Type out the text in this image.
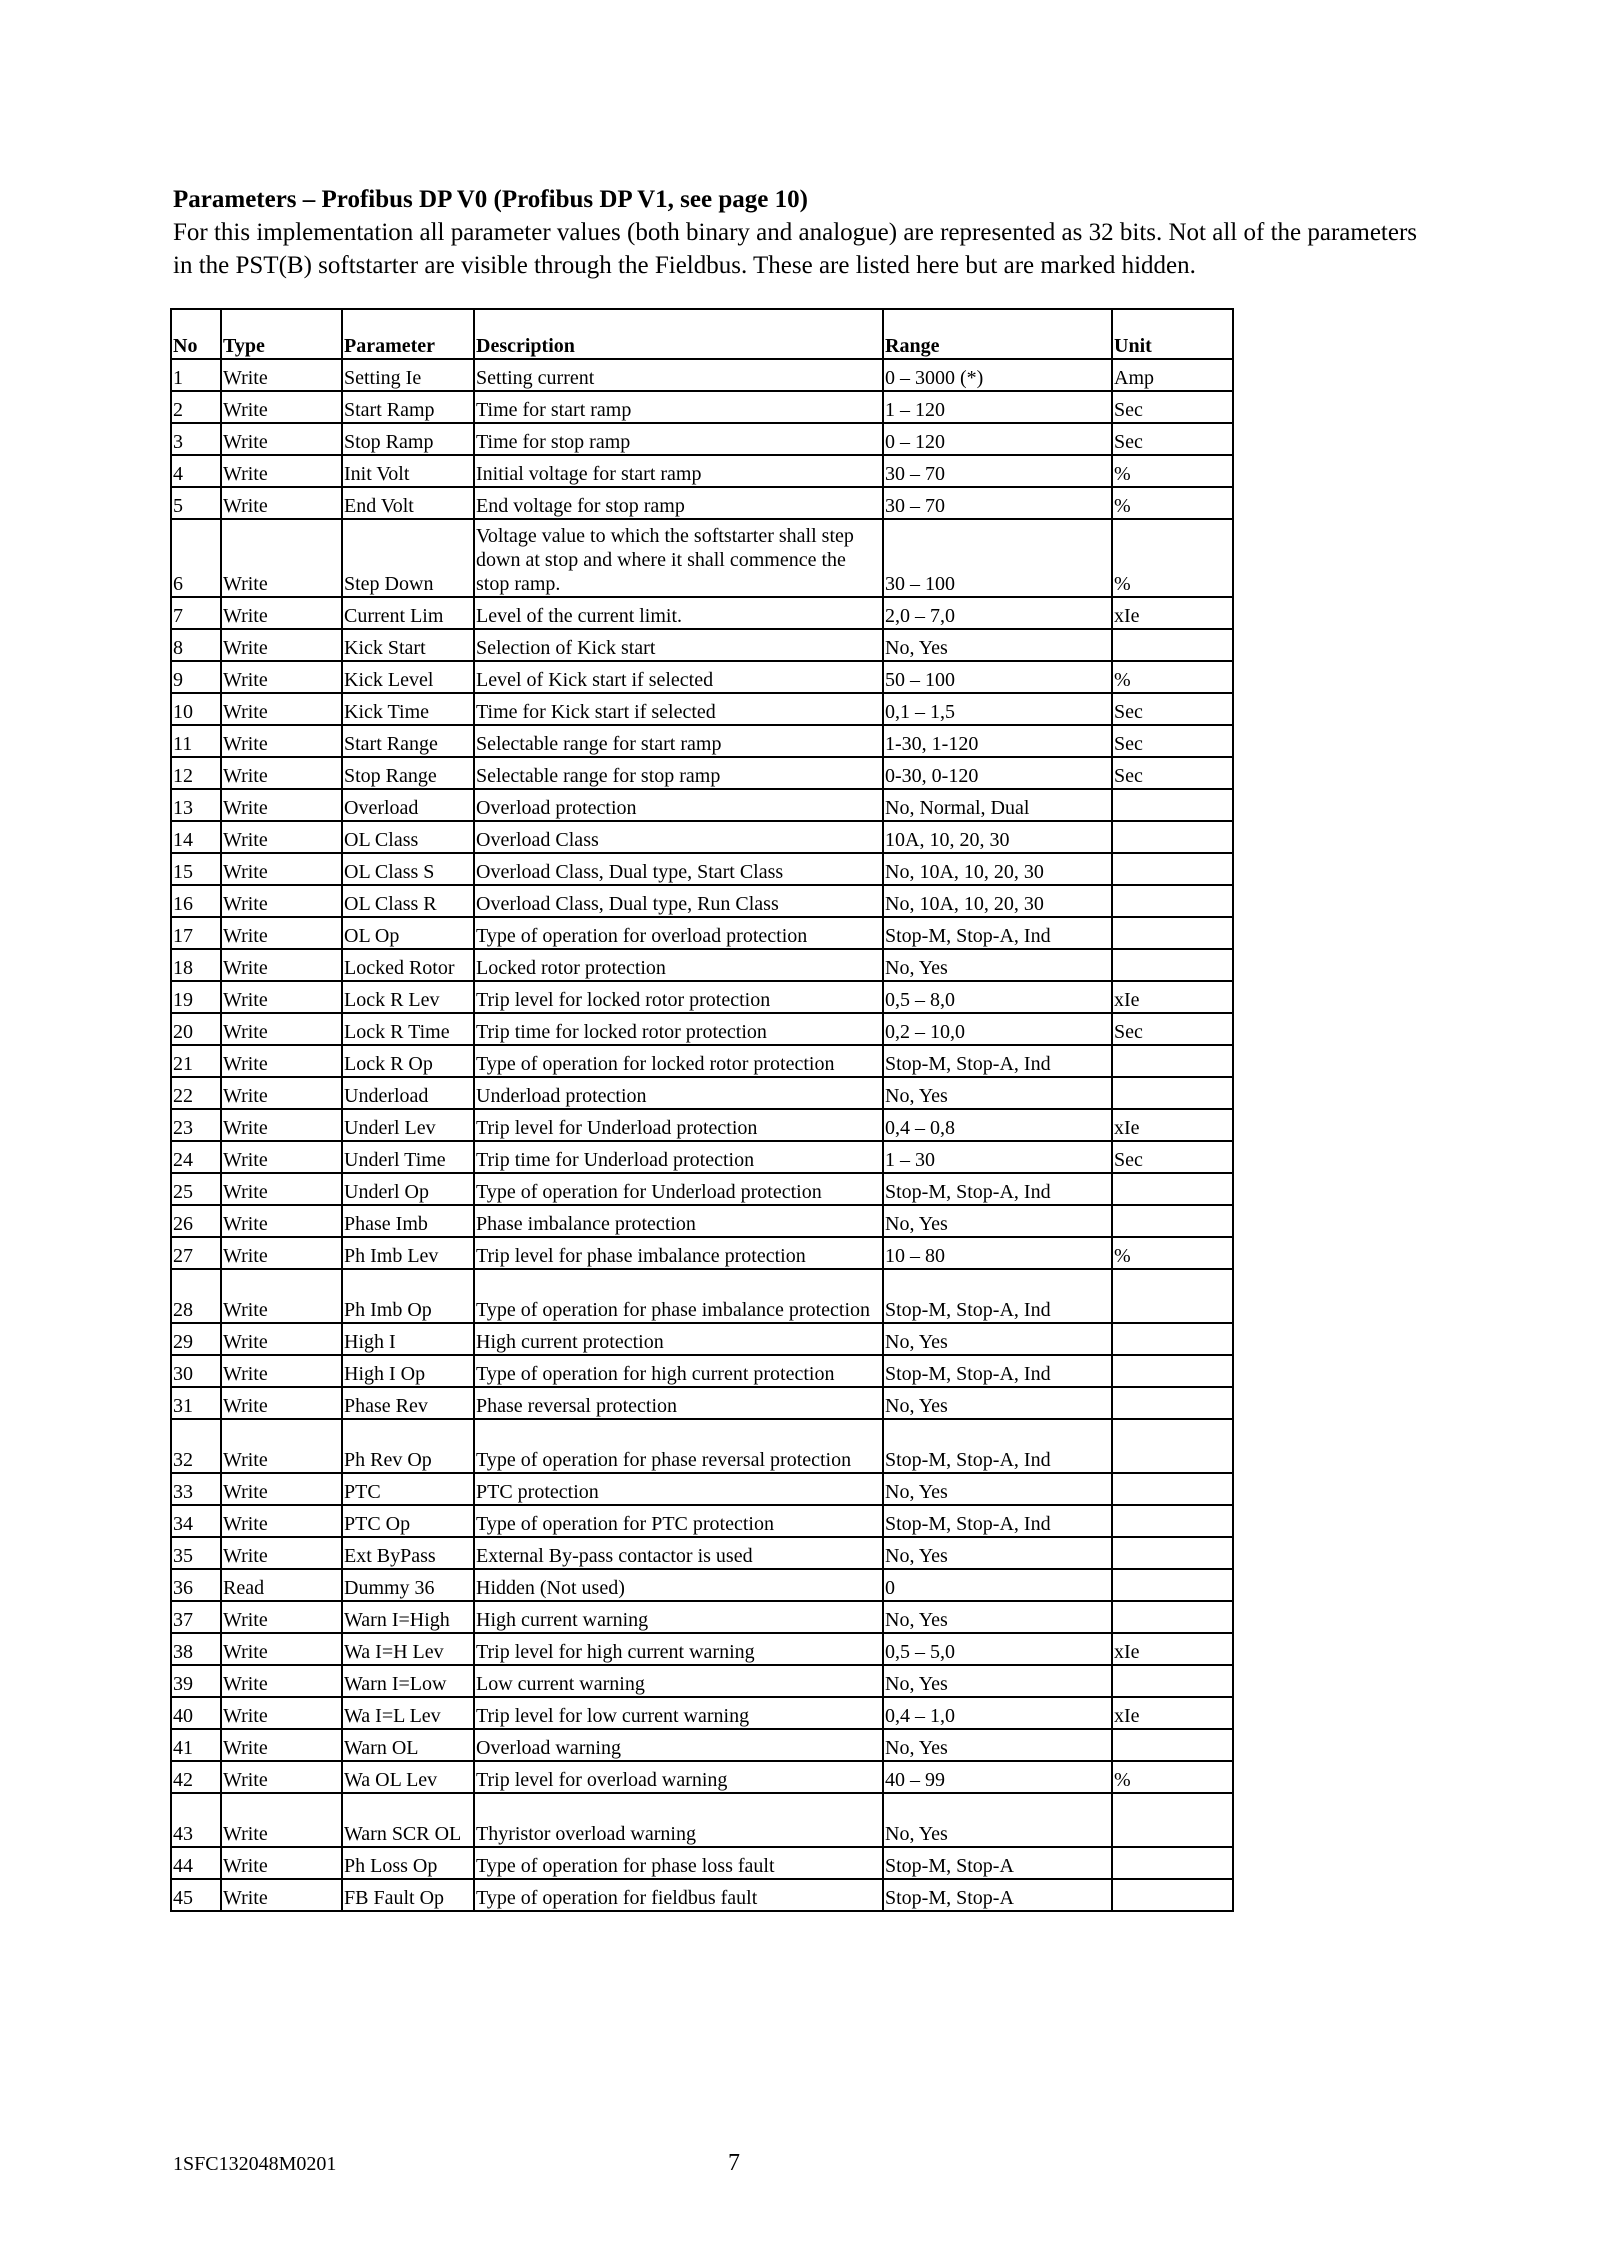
Parameters – Profibus DP V0 (Profibus DP V1, see page 10)
For this implementation all parameter values (both binary and analogue) are represented as 32 bits. Not all of the parameters in the PST(B) softstarter are visible through the Fieldbus. These are listed here but are marked hidden.
No	Type	Parameter	Description	Range	Unit
1	Write	Setting Ie	Setting current	0 – 3000 (*)	Amp
2	Write	Start Ramp	Time for start ramp	1 – 120	Sec
3	Write	Stop Ramp	Time for stop ramp	0 – 120	Sec
4	Write	Init Volt	Initial voltage for start ramp	30 – 70	%
5	Write	End Volt	End voltage for stop ramp	30 – 70	%
6	Write	Step Down	Voltage value to which the softstarter shall step down at stop and where it shall commence the stop ramp.	30 – 100	%
7	Write	Current Lim	Level of the current limit.	2,0 – 7,0	xIe
8	Write	Kick Start	Selection of Kick start	No, Yes	
9	Write	Kick Level	Level of Kick start if selected	50 – 100	%
10	Write	Kick Time	Time for Kick start if selected	0,1 – 1,5	Sec
11	Write	Start Range	Selectable range for start ramp	1-30, 1-120	Sec
12	Write	Stop Range	Selectable range for stop ramp	0-30, 0-120	Sec
13	Write	Overload	Overload protection	No, Normal, Dual	
14	Write	OL Class	Overload Class	10A, 10, 20, 30	
15	Write	OL Class S	Overload Class, Dual type, Start Class	No, 10A, 10, 20, 30	
16	Write	OL Class R	Overload Class, Dual type, Run Class	No, 10A, 10, 20, 30	
17	Write	OL Op	Type of operation for overload protection	Stop-M, Stop-A, Ind	
18	Write	Locked Rotor	Locked rotor protection	No, Yes	
19	Write	Lock R Lev	Trip level for locked rotor protection	0,5 – 8,0	xIe
20	Write	Lock R Time	Trip time for locked rotor protection	0,2 – 10,0	Sec
21	Write	Lock R Op	Type of operation for locked rotor protection	Stop-M, Stop-A, Ind	
22	Write	Underload	Underload protection	No, Yes	
23	Write	Underl Lev	Trip level for Underload protection	0,4 – 0,8	xIe
24	Write	Underl Time	Trip time for Underload protection	1 – 30	Sec
25	Write	Underl Op	Type of operation for Underload protection	Stop-M, Stop-A, Ind	
26	Write	Phase Imb	Phase imbalance protection	No, Yes	
27	Write	Ph Imb Lev	Trip level for phase imbalance protection	10 – 80	%
28	Write	Ph Imb Op	Type of operation for phase imbalance protection	Stop-M, Stop-A, Ind	
29	Write	High I	High current protection	No, Yes	
30	Write	High I Op	Type of operation for high current protection	Stop-M, Stop-A, Ind	
31	Write	Phase Rev	Phase reversal protection	No, Yes	
32	Write	Ph Rev Op	Type of operation for phase reversal protection	Stop-M, Stop-A, Ind	
33	Write	PTC	PTC protection	No, Yes	
34	Write	PTC Op	Type of operation for PTC protection	Stop-M, Stop-A, Ind	
35	Write	Ext ByPass	External By-pass contactor is used	No, Yes	
36	Read	Dummy 36	Hidden (Not used)	0	
37	Write	Warn I=High	High current warning	No, Yes	
38	Write	Wa I=H Lev	Trip level for high current warning	0,5 – 5,0	xIe
39	Write	Warn I=Low	Low current warning	No, Yes	
40	Write	Wa I=L Lev	Trip level for low current warning	0,4 – 1,0	xIe
41	Write	Warn OL	Overload warning	No, Yes	
42	Write	Wa OL Lev	Trip level for overload warning	40 – 99	%
43	Write	Warn SCR OL	Thyristor overload warning	No, Yes	
44	Write	Ph Loss Op	Type of operation for phase loss fault	Stop-M, Stop-A	
45	Write	FB Fault Op	Type of operation for fieldbus fault	Stop-M, Stop-A	
1SFC132048M0201	7
